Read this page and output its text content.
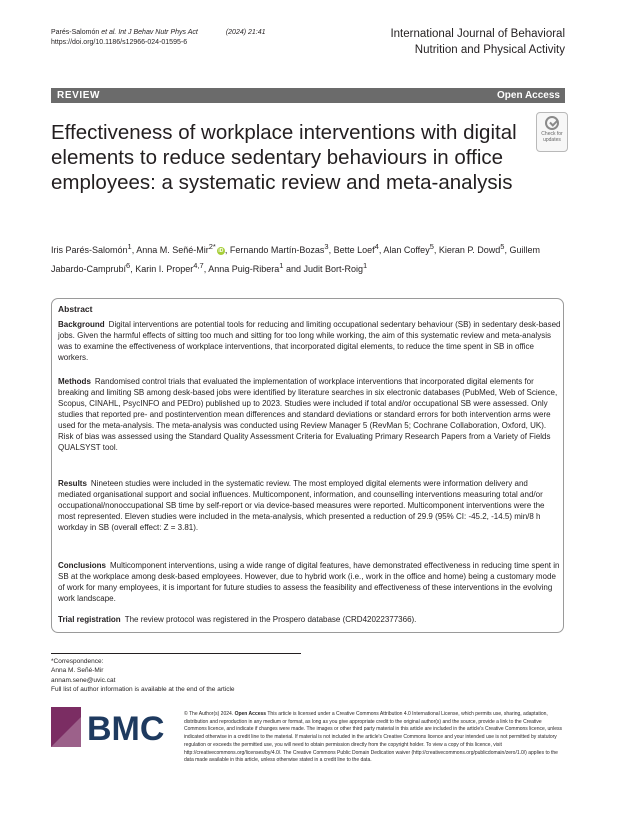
Parés-Salomón et al. Int J Behav Nutr Phys Act	(2024) 21:41
https://doi.org/10.1186/s12966-024-01595-6
International Journal of Behavioral
Nutrition and Physical Activity
REVIEW	Open Access
Effectiveness of workplace interventions with digital elements to reduce sedentary behaviours in office employees: a systematic review and meta-analysis
Check for
updates
Iris Parés-Salomón$^1$, Anna M. Señé-Mir$^{2*}$ iD , Fernando Martín-Bozas$^3$, Bette Loef$^4$, Alan Coffey$^5$, Kieran P. Dowd$^5$, Guillem Jabardo-Camprubí$^6$, Karin I. Proper$^{4,7}$, Anna Puig-Ribera$^1$ and Judit Bort-Roig$^1$
Abstract
Background Digital interventions are potential tools for reducing and limiting occupational sedentary behaviour (SB) in sedentary desk-based jobs. Given the harmful effects of sitting too much and sitting for too long while working, the aim of this systematic review and meta-analysis was to examine the effectiveness of workplace interventions, that incorporated digital elements, to reduce the time spent in SB in office workers.
Methods Randomised control trials that evaluated the implementation of workplace interventions that incorporated digital elements for breaking and limiting SB among desk-based jobs were identified by literature searches in six electronic databases (PubMed, Web of Science, Scopus, CINAHL, PsycINFO and PEDro) published up to 2023. Studies were included if total and/or occupational SB were assessed. Only studies that reported pre- and postintervention mean differences and standard deviations or standard errors for both intervention arms were used for the meta-analysis. The meta-analysis was conducted using Review Manager 5 (RevMan 5; Cochrane Collaboration, Oxford, UK). Risk of bias was assessed using the Standard Quality Assessment Criteria for Evaluating Primary Research Papers from a Variety of Fields QUALSYST tool.
Results Nineteen studies were included in the systematic review. The most employed digital elements were information delivery and mediated organisational support and social influences. Multicomponent, information, and counselling interventions measuring total and/or occupational/nonoccupational SB time by self-report or via device-based measures were reported. Multicomponent interventions were the most represented. Eleven studies were included in the meta-analysis, which presented a reduction of 29.9 (95% CI: -45.2, -14.5) min/8 h workday in SB (overall effect: Z = 3.81).
Conclusions Multicomponent interventions, using a wide range of digital features, have demonstrated effectiveness in reducing time spent in SB at the workplace among desk-based employees. However, due to hybrid work (i.e., work in the office and home) being a customary mode of work for many employees, it is important for future studies to assess the feasibility and effectiveness of these interventions in the evolving work landscape.
Trial registration The review protocol was registered in the Prospero database (CRD42022377366).
*Correspondence:
Anna M. Señé-Mir
annam.sene@uvic.cat
Full list of author information is available at the end of the article
BMC	© The Author(s) 2024. Open Access This article is licensed under a Creative Commons Attribution 4.0 International License, which permits use, sharing, adaptation, distribution and reproduction in any medium or format, as long as you give appropriate credit to the original author(s) and the source, provide a link to the Creative Commons licence, and indicate if changes were made. The images or other third party material in this article are included in the article's Creative Commons licence, unless indicated otherwise in a credit line to the material. If material is not included in the article's Creative Commons licence and your intended use is not permitted by statutory regulation or exceeds the permitted use, you will need to obtain permission directly from the copyright holder. To view a copy of this licence, visit http://creativecommons.org/licenses/by/4.0/. The Creative Commons Public Domain Dedication waiver (http://creativecommons.org/publicdomain/zero/1.0/) applies to the data made available in this article, unless otherwise stated in a credit line to the data.
